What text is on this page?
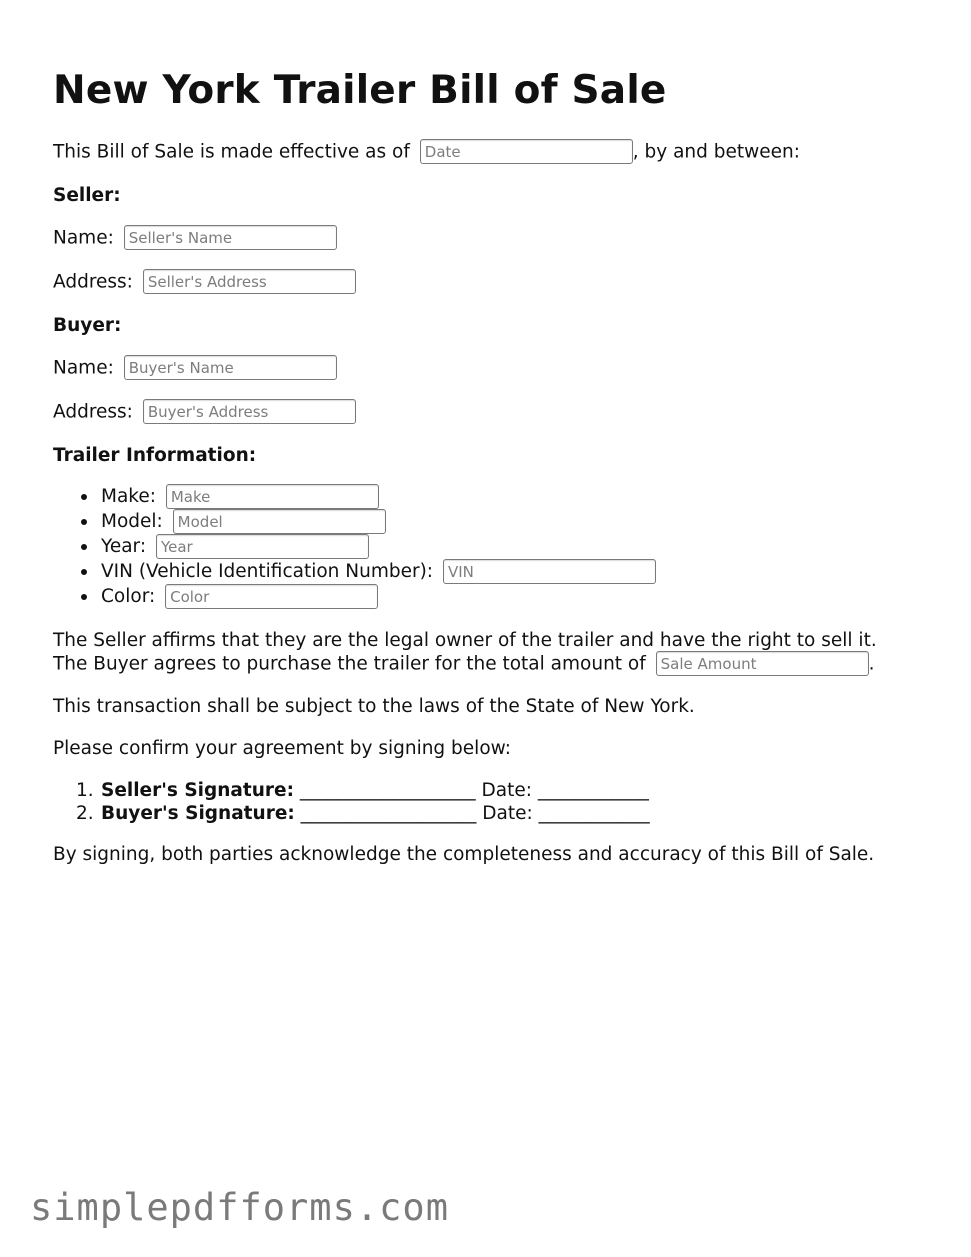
New York Trailer Bill of Sale
This Bill of Sale is made effective as of Date	, by and between:
Seller:
Name: Seller's Name
Address: Seller's Address
Buyer:
Name: Buyer's Name
Address: Buyer's Address
Trailer Information:
Make: Make
Model: Model
Year: Year
VIN (Vehicle Identification Number): VIN
Color: Color
The Seller affirms that they are the legal owner of the trailer and have the right to sell it.
The Buyer agrees to purchase the trailer for the total amount of Sale Amount	.
This transaction shall be subject to the laws of the State of New York.
Please confirm your agreement by signing below:
1. Seller's Signature: ___________________ Date: ____________
2. Buyer's Signature: ___________________ Date: ____________
By signing, both parties acknowledge the completeness and accuracy of this Bill of Sale.
simplepdfforms.com
